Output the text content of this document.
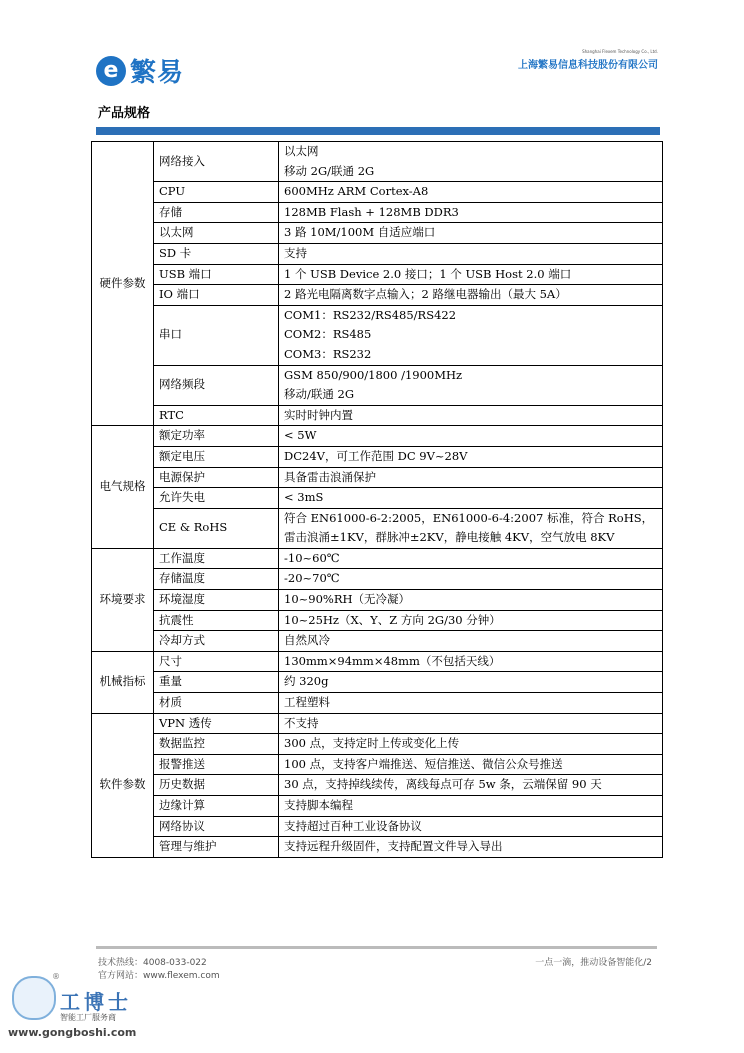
e 繁易
Shanghai Flexem Technology Co., Ltd.
上海繁易信息科技股份有限公司
产品规格
硬件参数	网络接入	以太网
移动 2G/联通 2G

	CPU	600MHz ARM Cortex-A8

	存储	128MB Flash + 128MB DDR3

	以太网	3 路 10M/100M 自适应端口

	SD 卡	支持

	USB 端口	1 个 USB Device 2.0 接口；1 个 USB Host 2.0 端口

	IO 端口	2 路光电隔离数字点输入；2 路继电器输出（最大 5A）

	串口	COM1：RS232/RS485/RS422
COM2：RS485
COM3：RS232

	网络频段	GSM 850/900/1800 /1900MHz
移动/联通 2G

	RTC	实时时钟内置

电气规格	额定功率	< 5W

	额定电压	DC24V，可工作范围 DC 9V~28V

	电源保护	具备雷击浪涌保护

	允许失电	< 3mS

	CE & RoHS	符合 EN61000-6-2:2005，EN61000-6-4:2007 标准，符合 RoHS，
雷击浪涌±1KV，群脉冲±2KV，静电接触 4KV，空气放电 8KV

环境要求	工作温度	-10~60℃

	存储温度	-20~70℃

	环境湿度	10~90%RH（无冷凝）

	抗震性	10~25Hz（X、Y、Z 方向 2G/30 分钟）

	冷却方式	自然风冷

机械指标	尺寸	130mm×94mm×48mm（不包括天线）

	重量	约 320g

	材质	工程塑料

软件参数	VPN 透传	不支持

	数据监控	300 点，支持定时上传或变化上传

	报警推送	100 点，支持客户端推送、短信推送、微信公众号推送

	历史数据	30 点，支持掉线续传，离线每点可存 5w 条，云端保留 90 天

	边缘计算	支持脚本编程

	网络协议	支持超过百种工业设备协议

	管理与维护	支持远程升级固件，支持配置文件导入导出
技术热线：4008-033-022
官方网站：www.flexem.com
一点一滴，推动设备智能化/2
®
工博士
智能工厂服务商
www.gongboshi.com
